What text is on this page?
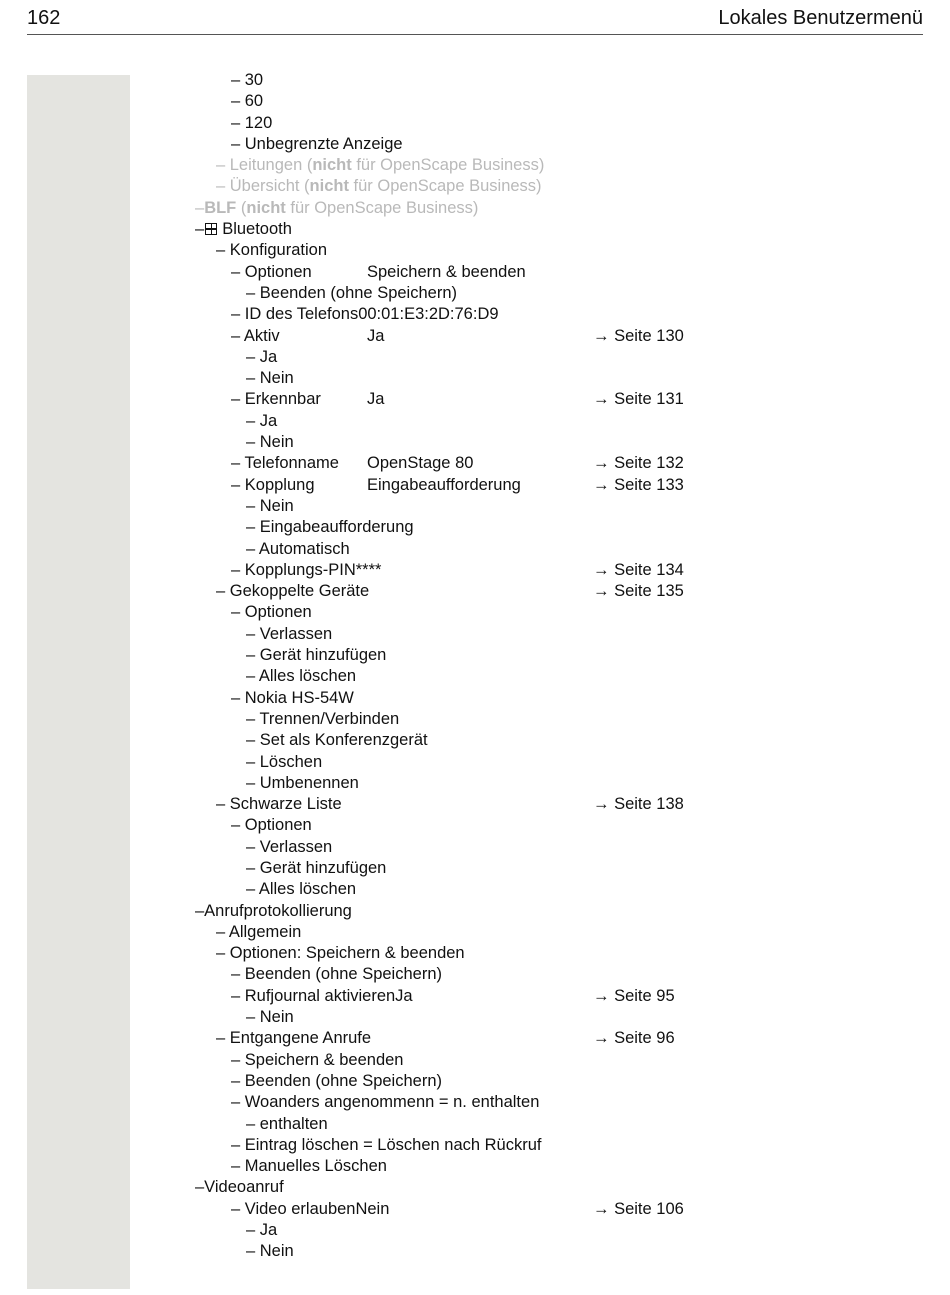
162	Lokales Benutzermenü
– 30
– 60
– 120
– Unbegrenzte Anzeige
– Leitungen (nicht für OpenScape Business)
– Übersicht (nicht für OpenScape Business)
–BLF (nicht für OpenScape Business)
– Bluetooth
– Konfiguration
– Optionen	Speichern & beenden
– Beenden (ohne Speichern)
– ID des Telefons00:01:E3:2D:76:D9
– Aktiv	Ja	→ Seite 130
– Ja
– Nein
– Erkennbar	Ja	→ Seite 131
– Ja
– Nein
– Telefonname OpenStage 80	→ Seite 132
– Kopplung	Eingabeaufforderung	→ Seite 133
– Nein
– Eingabeaufforderung
– Automatisch
– Kopplungs-PIN****	→ Seite 134
– Gekoppelte Geräte	→ Seite 135
– Optionen
– Verlassen
– Gerät hinzufügen
– Alles löschen
– Nokia HS-54W
– Trennen/Verbinden
– Set als Konferenzgerät
– Löschen
– Umbenennen
– Schwarze Liste	→ Seite 138
– Optionen
– Verlassen
– Gerät hinzufügen
– Alles löschen
–Anrufprotokollierung
– Allgemein
– Optionen: Speichern & beenden
– Beenden (ohne Speichern)
– Rufjournal aktivierenJa	→ Seite 95
– Nein
– Entgangene Anrufe	→ Seite 96
– Speichern & beenden
– Beenden (ohne Speichern)
– Woanders angenommenn = n. enthalten
– enthalten
– Eintrag löschen = Löschen nach Rückruf
– Manuelles Löschen
–Videoanruf
– Video erlaubenNein	→ Seite 106
– Ja
– Nein
